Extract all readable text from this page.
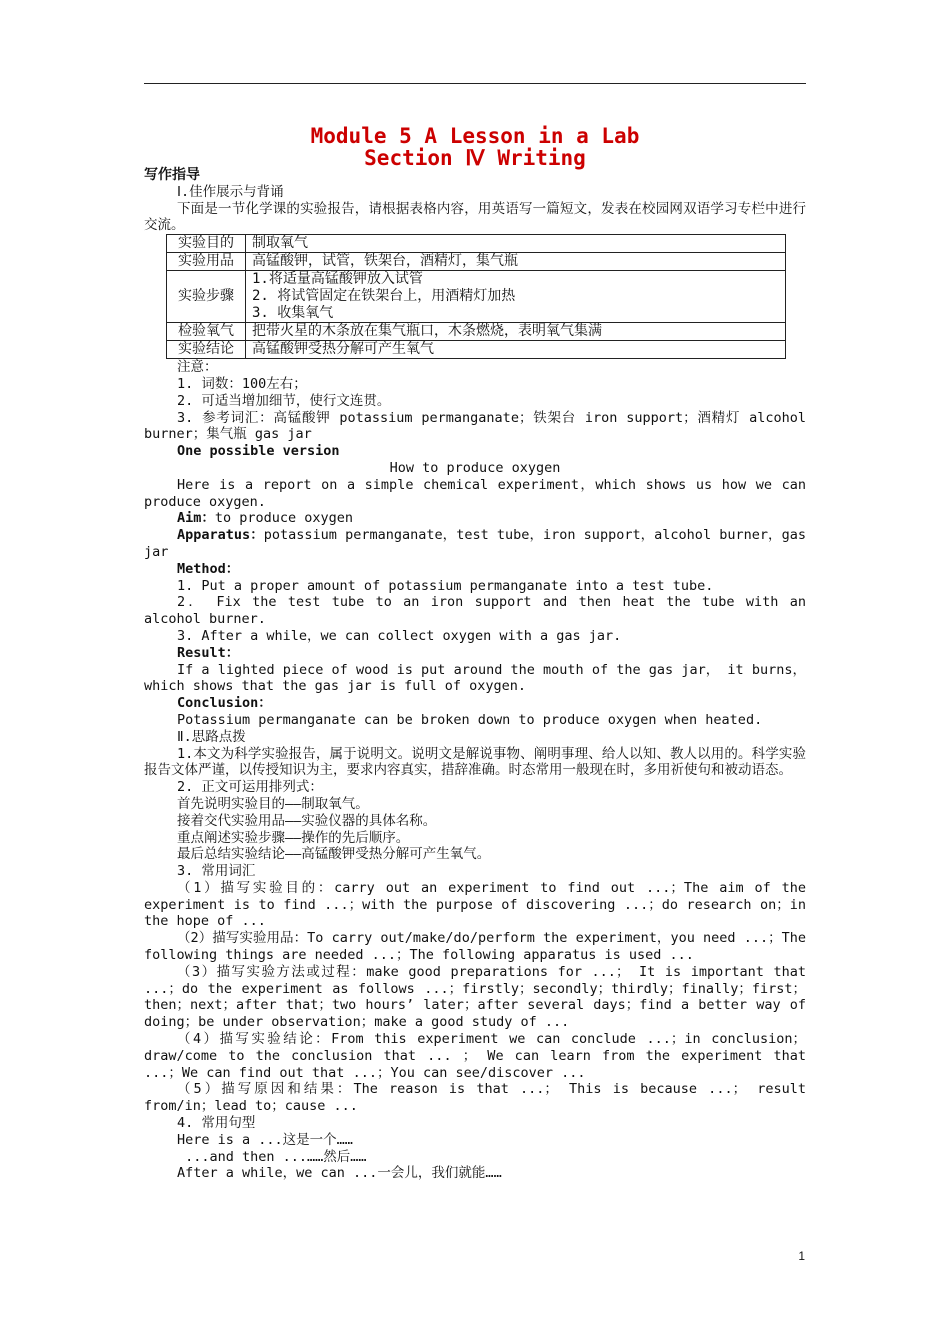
Module 5 A Lesson in a Lab
Section Ⅳ Writing

写作指导

Ⅰ.佳作展示与背诵

下面是一节化学课的实验报告，请根据表格内容，用英语写一篇短文，发表在校园网双语学习专栏中进行交流。

实验目的	制取氧气
实验用品	高锰酸钾，试管，铁架台，酒精灯，集气瓶
实验步骤	1.将适量高锰酸钾放入试管
2. 将试管固定在铁架台上，用酒精灯加热
3. 收集氧气

检验氧气	把带火星的木条放在集气瓶口，木条燃烧，表明氧气集满
实验结论	高锰酸钾受热分解可产生氧气

注意：

1. 词数：100左右；

2. 可适当增加细节，使行文连贯。

3. 参考词汇：高锰酸钾 potassium permanganate；铁架台 iron support；酒精灯 alcohol burner；集气瓶 gas jar

One possible version

How to produce oxygen

Here is a report on a simple chemical experiment，which shows us how we can produce oxygen.

Aim：to produce oxygen

Apparatus：potassium permanganate，test tube，iron support，alcohol burner，gas jar

Method：

1. Put a proper amount of potassium permanganate into a test tube.

2． Fix the test tube to an iron support and then heat the tube with an alcohol burner.

3. After a while，we can collect oxygen with a gas jar.

Result：

If a lighted piece of wood is put around the mouth of the gas jar， it burns，which shows that the gas jar is full of oxygen.

Conclusion：

Potassium permanganate can be broken down to produce oxygen when heated.

Ⅱ.思路点拨

1.本文为科学实验报告，属于说明文。说明文是解说事物、阐明事理、给人以知、教人以用的。科学实验报告文体严谨，以传授知识为主，要求内容真实，措辞准确。时态常用一般现在时，多用祈使句和被动语态。

2. 正文可运用排列式：

首先说明实验目的——制取氧气。

接着交代实验用品——实验仪器的具体名称。

重点阐述实验步骤——操作的先后顺序。

最后总结实验结论——高锰酸钾受热分解可产生氧气。

3. 常用词汇

（1）描写实验目的：carry out an experiment to find out ...；The aim of the experiment is to find ...；with the purpose of discovering ...；do research on；in the hope of ...

（2）描写实验用品：To carry out/make/do/perform the experiment，you need ...；The following things are needed ...；The following apparatus is used ...

（3）描写实验方法或过程：make good preparations for ...； It is important that ...；do the experiment as follows ...；firstly；secondly；thirdly；finally；first；then；next；after that；two hours’ later；after several days；find a better way of doing；be under observation；make a good study of ...

（4）描写实验结论：From this experiment we can conclude ...；in conclusion；draw/come to the conclusion that ... ； We can learn from the experiment that ...；We can find out that ...；You can see/discover ...

（5）描写原因和结果：The reason is that ...； This is because ...； result from/in；lead to；cause ...

4. 常用句型

Here is a ...这是一个……

...and then ...……然后……

After a while，we can ...一会儿，我们就能……

1
